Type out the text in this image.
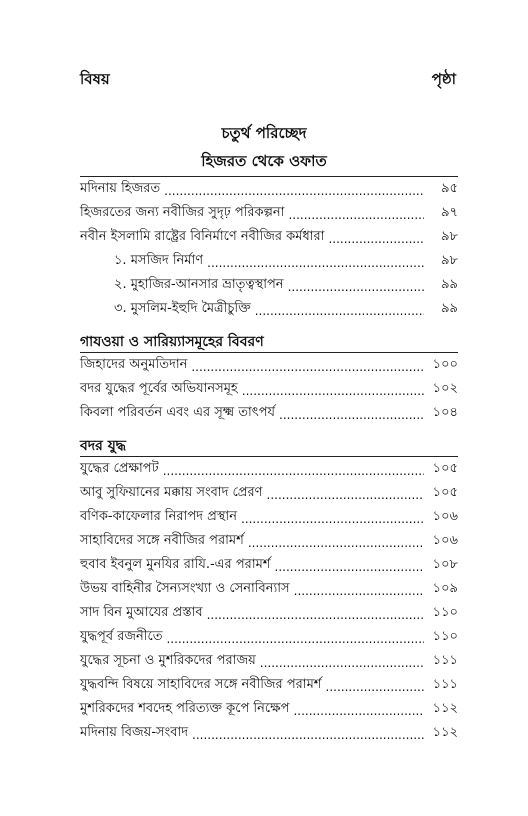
বিষয়	পৃষ্ঠা
চতুর্থ পরিচ্ছেদ
হিজরত থেকে ওফাত
মদিনায় হিজরত .....	৯৫
হিজরতের জন্য নবীজির সুদৃঢ় পরিকল্পনা .....	৯৭
নবীন ইসলামি রাষ্ট্রের বিনির্মাণে নবীজির কর্মধারা .....	৯৮
১. মসজিদ নির্মাণ .....	৯৮
২. মুহাজির-আনসার ভ্রাতৃত্বস্থাপন .....	৯৯
৩. মুসলিম-ইহুদি মৈত্রীচুক্তি .....	৯৯
গাযওয়া ও সারিয়্যাসমূহের বিবরণ
জিহাদের অনুমতিদান .....	১০০
বদর যুদ্ধের পূর্বের অভিযানসমূহ .....	১০২
কিবলা পরিবর্তন এবং এর সূক্ষ্ম তাৎপর্য .....	১০৪
বদর যুদ্ধ
যুদ্ধের প্রেক্ষাপট .....	১০৫
আবু সুফিয়ানের মক্কায় সংবাদ প্রেরণ .....	১০৫
বণিক-কাফেলার নিরাপদ প্রস্থান .....	১০৬
সাহাবিদের সঙ্গে নবীজির পরামর্শ .....	১০৬
হুবাব ইবনুল মুনযির রাযি.-এর পরামর্শ .....	১০৮
উভয় বাহিনীর সৈন্যসংখ্যা ও সেনাবিন্যাস .....	১০৯
সাদ বিন মুআযের প্রস্তাব .....	১১০
যুদ্ধপূর্ব রজনীতে .....	১১০
যুদ্ধের সূচনা ও মুশরিকদের পরাজয় .....	১১১
যুদ্ধবন্দি বিষয়ে সাহাবিদের সঙ্গে নবীজির পরামর্শ .....	১১১
মুশরিকদের শবদেহ পরিত্যক্ত কূপে নিক্ষেপ .....	১১২
মদিনায় বিজয়-সংবাদ .....	১১২
